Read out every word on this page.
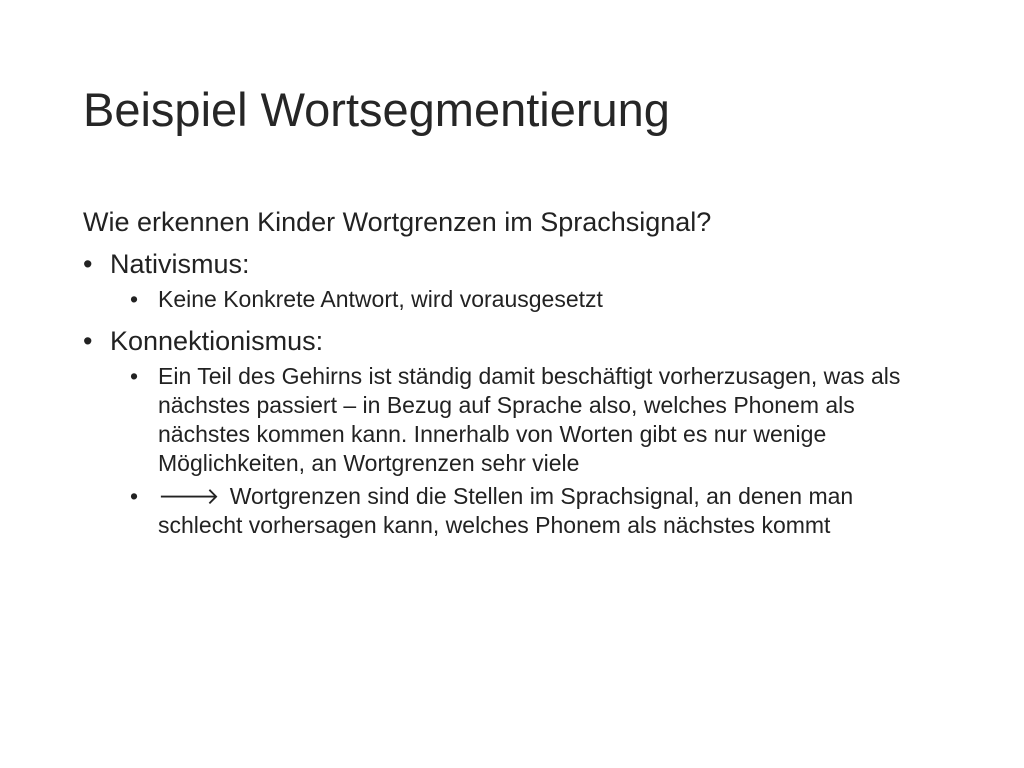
Beispiel Wortsegmentierung

Wie erkennen Kinder Wortgrenzen im Sprachsignal?

• Nativismus:
• Keine Konkrete Antwort, wird vorausgesetzt
• Konnektionismus:
• Ein Teil des Gehirns ist ständig damit beschäftigt vorherzusagen, was als nächstes passiert – in Bezug auf Sprache also, welches Phonem als nächstes kommen kann. Innerhalb von Worten gibt es nur wenige Möglichkeiten, an Wortgrenzen sehr viele
• 🡒 Wortgrenzen sind die Stellen im Sprachsignal, an denen man schlecht vorhersagen kann, welches Phonem als nächstes kommt
